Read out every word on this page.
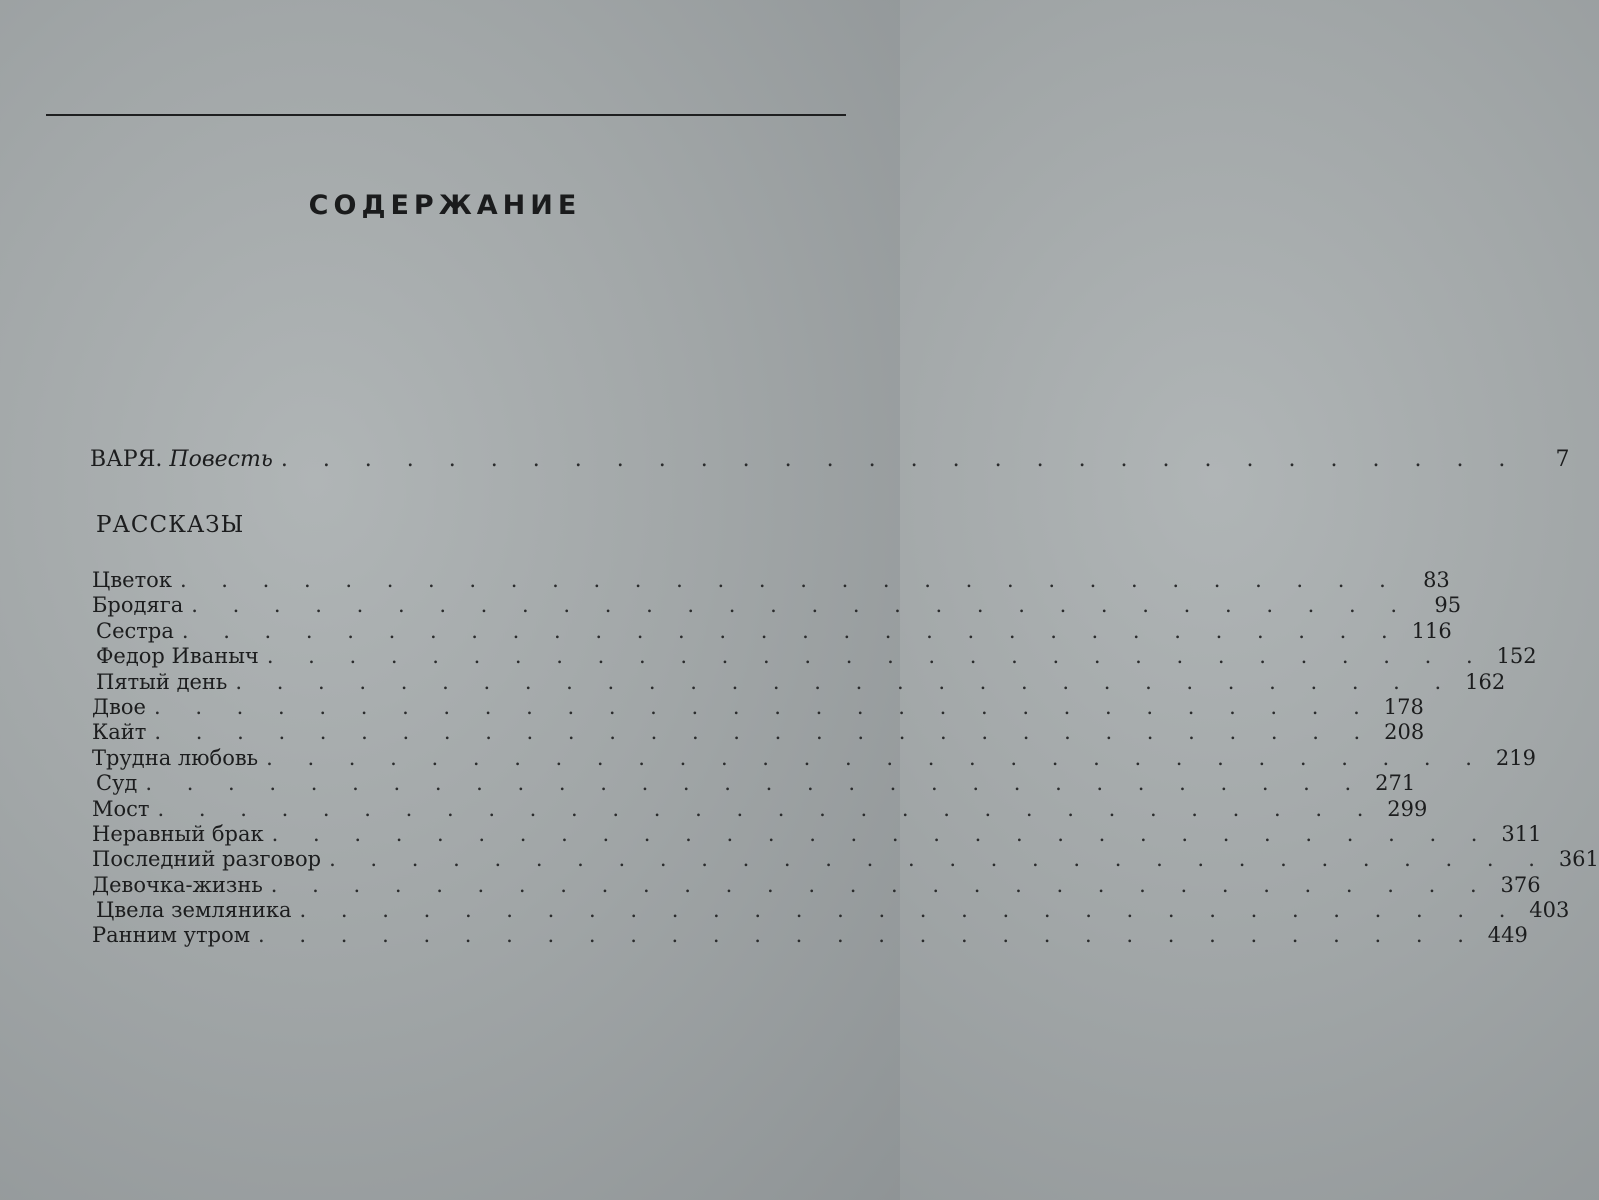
СОДЕРЖАНИЕ
ВАРЯ. Повесть . . . . . . . . . . . . . . . . . . . . . . . . . . . . . .	7
РАССКАЗЫ
Цветок . . . . . . . . . . . . . . . . . . . . . . . . . . . . . .	83
Бродяга . . . . . . . . . . . . . . . . . . . . . . . . . . . . . .	95
Сестра . . . . . . . . . . . . . . . . . . . . . . . . . . . . . . 116
Федор Иваныч . . . . . . . . . . . . . . . . . . . . . . . . . . . . . . 152
Пятый день . . . . . . . . . . . . . . . . . . . . . . . . . . . . . . 162
Двое . . . . . . . . . . . . . . . . . . . . . . . . . . . . . . 178
Кайт . . . . . . . . . . . . . . . . . . . . . . . . . . . . . . 208
Трудна любовь . . . . . . . . . . . . . . . . . . . . . . . . . . . . . . 219
Суд . . . . . . . . . . . . . . . . . . . . . . . . . . . . . . 271
Мост . . . . . . . . . . . . . . . . . . . . . . . . . . . . . . 299
Неравный брак . . . . . . . . . . . . . . . . . . . . . . . . . . . . . . 311
Последний разговор . . . . . . . . . . . . . . . . . . . . . . . . . . . . . . 361
Девочка-жизнь . . . . . . . . . . . . . . . . . . . . . . . . . . . . . . 376
Цвела земляника . . . . . . . . . . . . . . . . . . . . . . . . . . . . . . 403
Ранним утром . . . . . . . . . . . . . . . . . . . . . . . . . . . . . . 449
